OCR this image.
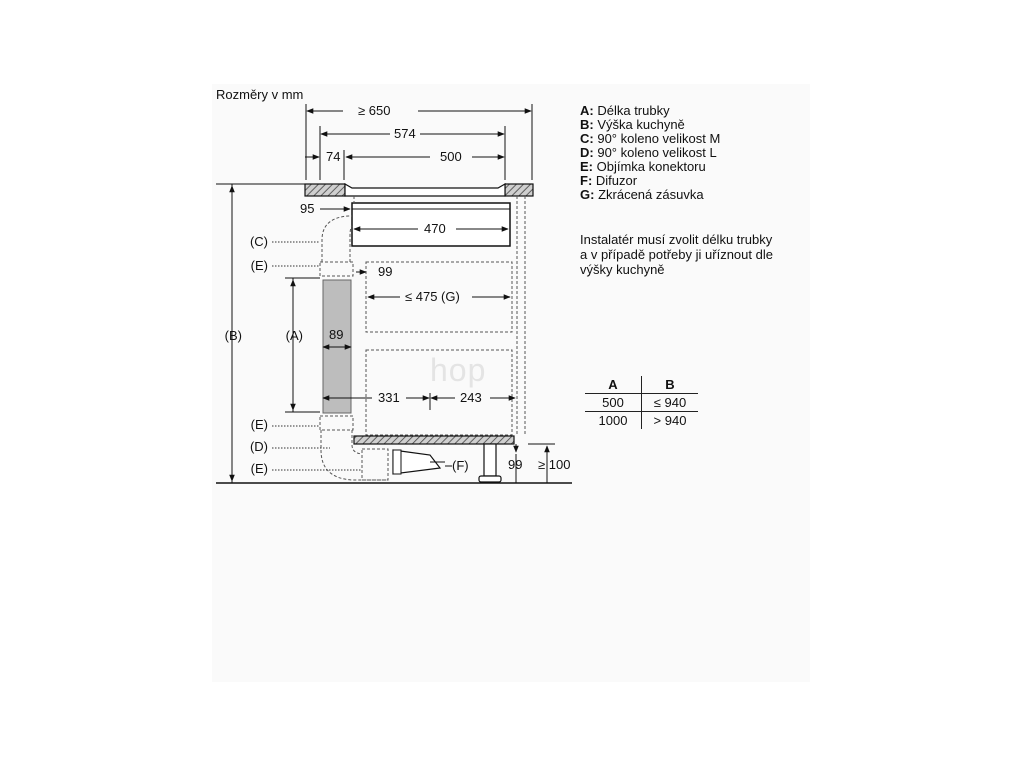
hop
Rozměry v mm
≥ 650
574
74	500
95
470
99
≤ 475 (G)
89
331	243
99 ≥ 100
(B)	(A)
(C)
(E)
(E)
(D)
(E)	(F)
A: Délka trubky
B: Výška kuchyně
C: 90° koleno velikost M
D: 90° koleno velikost L
E: Objímka konektoru
F: Difuzor
G: Zkrácená zásuvka
Instalatér musí zvolit délku trubky
a v případě potřeby ji uříznout dle
výšky kuchyně
A	B
500	≤ 940
1000	> 940
